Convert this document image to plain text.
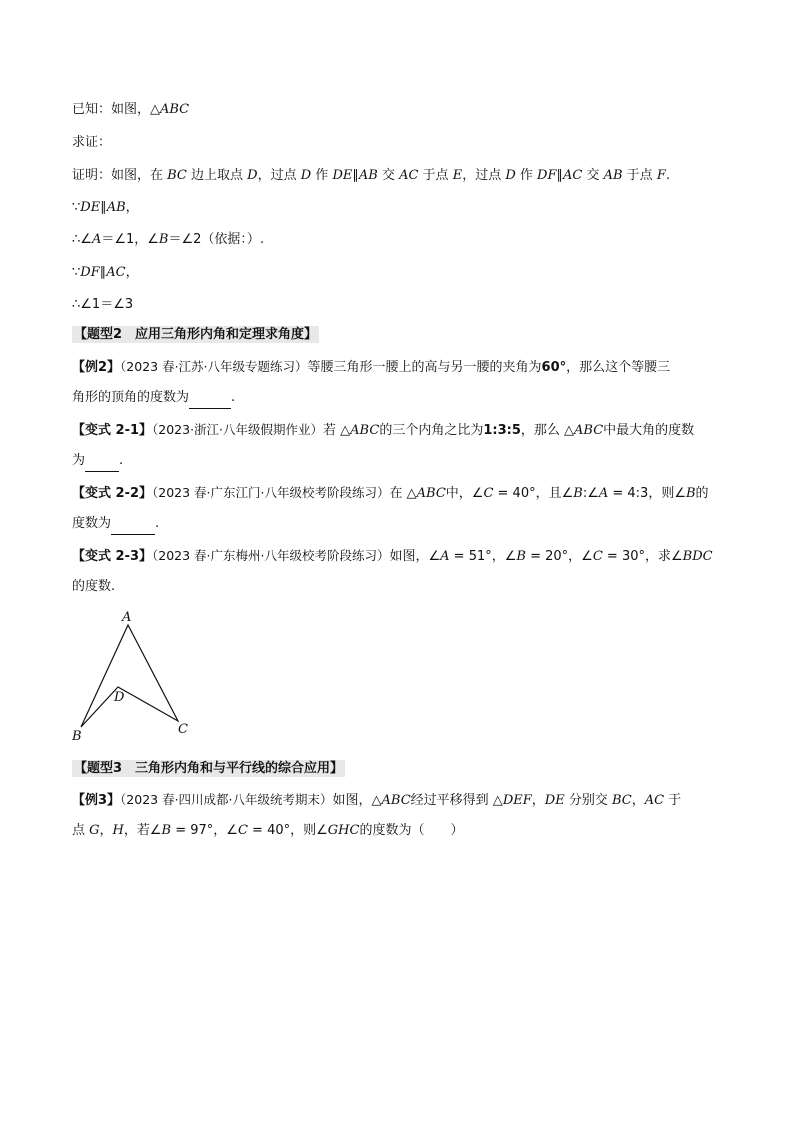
已知：如图，△ABC
求证：
证明：如图，在 BC 边上取点 D，过点 D 作 DE∥AB 交 AC 于点 E，过点 D 作 DF∥AC 交 AB 于点 F.
∵DE∥AB，
∴∠A＝∠1，∠B＝∠2（依据：）.
∵DF∥AC，
∴∠1＝∠3
【题型2　应用三角形内角和定理求角度】
【例2】（2023 春·江苏·八年级专题练习）等腰三角形一腰上的高与另一腰的夹角为60°，那么这个等腰三
角形的顶角的度数为	.
【变式 2-1】（2023·浙江·八年级假期作业）若 △ABC的三个内角之比为1:3:5，那么 △ABC中最大角的度数
为	.
【变式 2-2】（2023 春·广东江门·八年级校考阶段练习）在 △ABC中，∠C = 40°，且∠B:∠A = 4:3，则∠B的
度数为	.
【变式 2-3】（2023 春·广东梅州·八年级校考阶段练习）如图，∠A = 51°，∠B = 20°，∠C = 30°，求∠BDC
的度数.
A
B	C
D
【题型3　三角形内角和与平行线的综合应用】
【例3】（2023 春·四川成都·八年级统考期末）如图，△ABC经过平移得到 △DEF，DE 分别交 BC，AC 于
点 G，H，若∠B = 97°，∠C = 40°，则∠GHC的度数为（　　）
